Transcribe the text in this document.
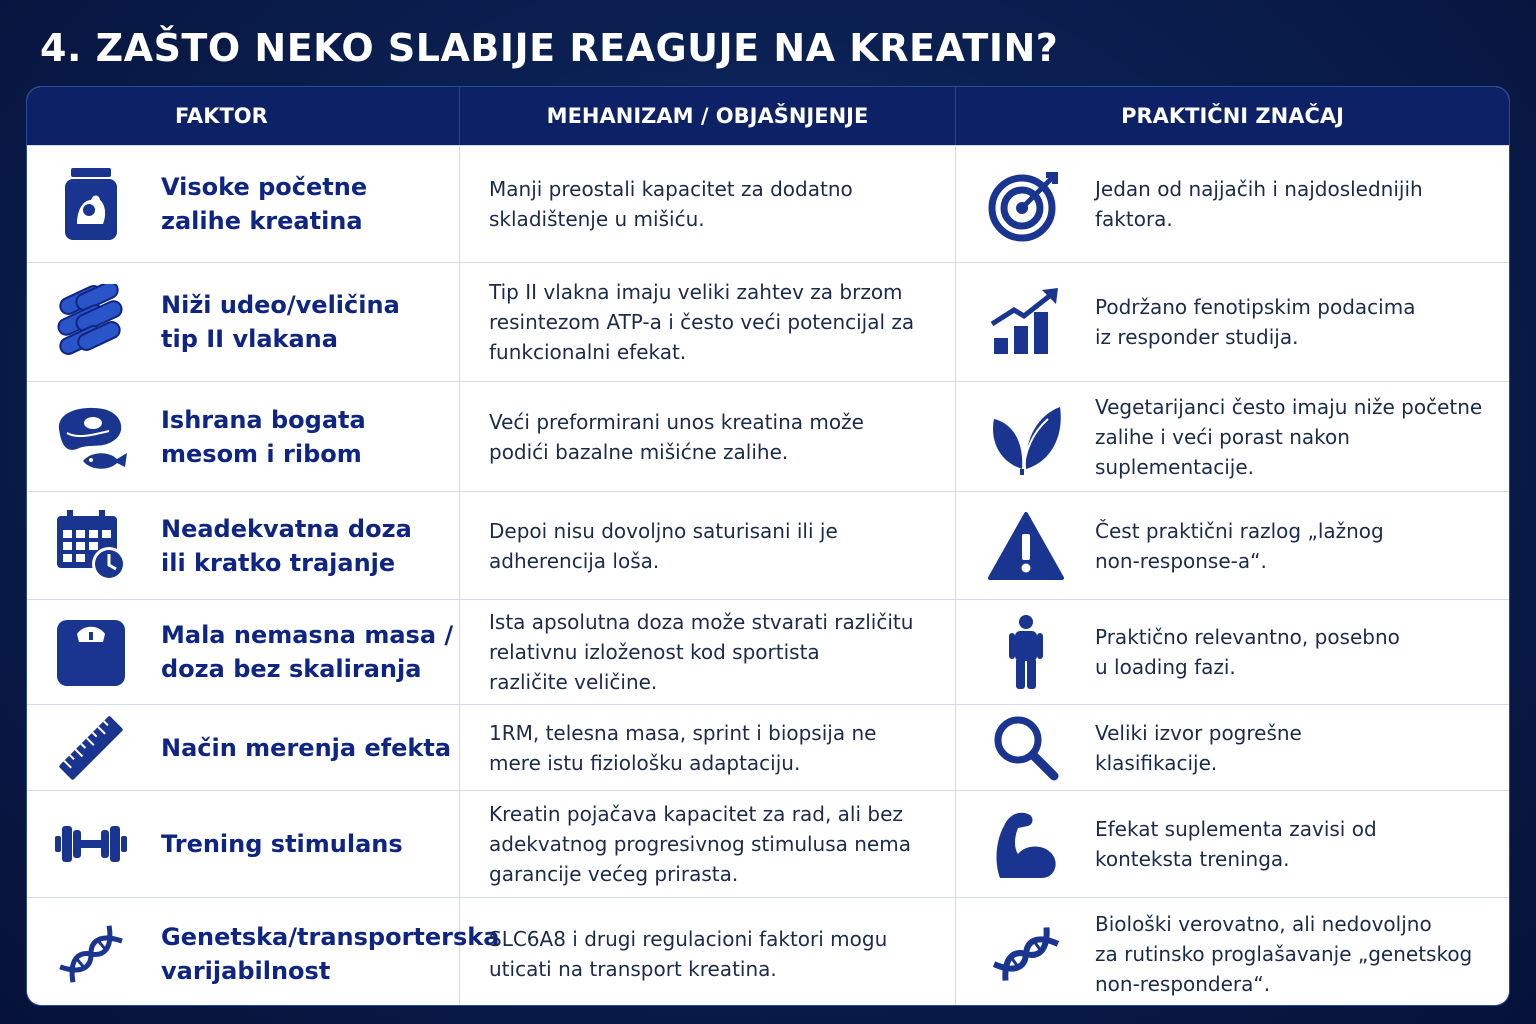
4. ZAŠTO NEKO SLABIJE REAGUJE NA KREATIN?
FAKTOR	MEHANIZAM / OBJAŠNJENJE	PRAKTIČNI ZNAČAJ
Visoke početne
zalihe kreatina
Manji preostali kapacitet za dodatno
skladištenje u mišiću.
Jedan od najjačih i najdoslednijih
faktora.
Niži udeo/veličina
tip II vlakana
Tip II vlakna imaju veliki zahtev za brzom
resintezom ATP-a i često veći potencijal za
funkcionalni efekat.
Podržano fenotipskim podacima
iz responder studija.
Ishrana bogata
mesom i ribom
Veći preformirani unos kreatina može
podići bazalne mišićne zalihe.
Vegetarijanci često imaju niže početne
zalihe i veći porast nakon suplementacije.
Neadekvatna doza
ili kratko trajanje
Depoi nisu dovoljno saturisani ili je
adherencija loša.
Čest praktični razlog „lažnog
non-response-a“.
Mala nemasna masa /
doza bez skaliranja
Ista apsolutna doza može stvarati različitu
relativnu izloženost kod sportista
različite veličine.
Praktično relevantno, posebno
u loading fazi.
Način merenja efekta
1RM, telesna masa, sprint i biopsija ne
mere istu fiziološku adaptaciju.
Veliki izvor pogrešne
klasifikacije.
Trening stimulans
Kreatin pojačava kapacitet za rad, ali bez
adekvatnog progresivnog stimulusa nema
garancije većeg prirasta.
Efekat suplementa zavisi od
konteksta treninga.
Genetska/transporterska
varijabilnost
SLC6A8 i drugi regulacioni faktori mogu
uticati na transport kreatina.
Biološki verovatno, ali nedovoljno
za rutinsko proglašavanje „genetskog
non-respondera“.
